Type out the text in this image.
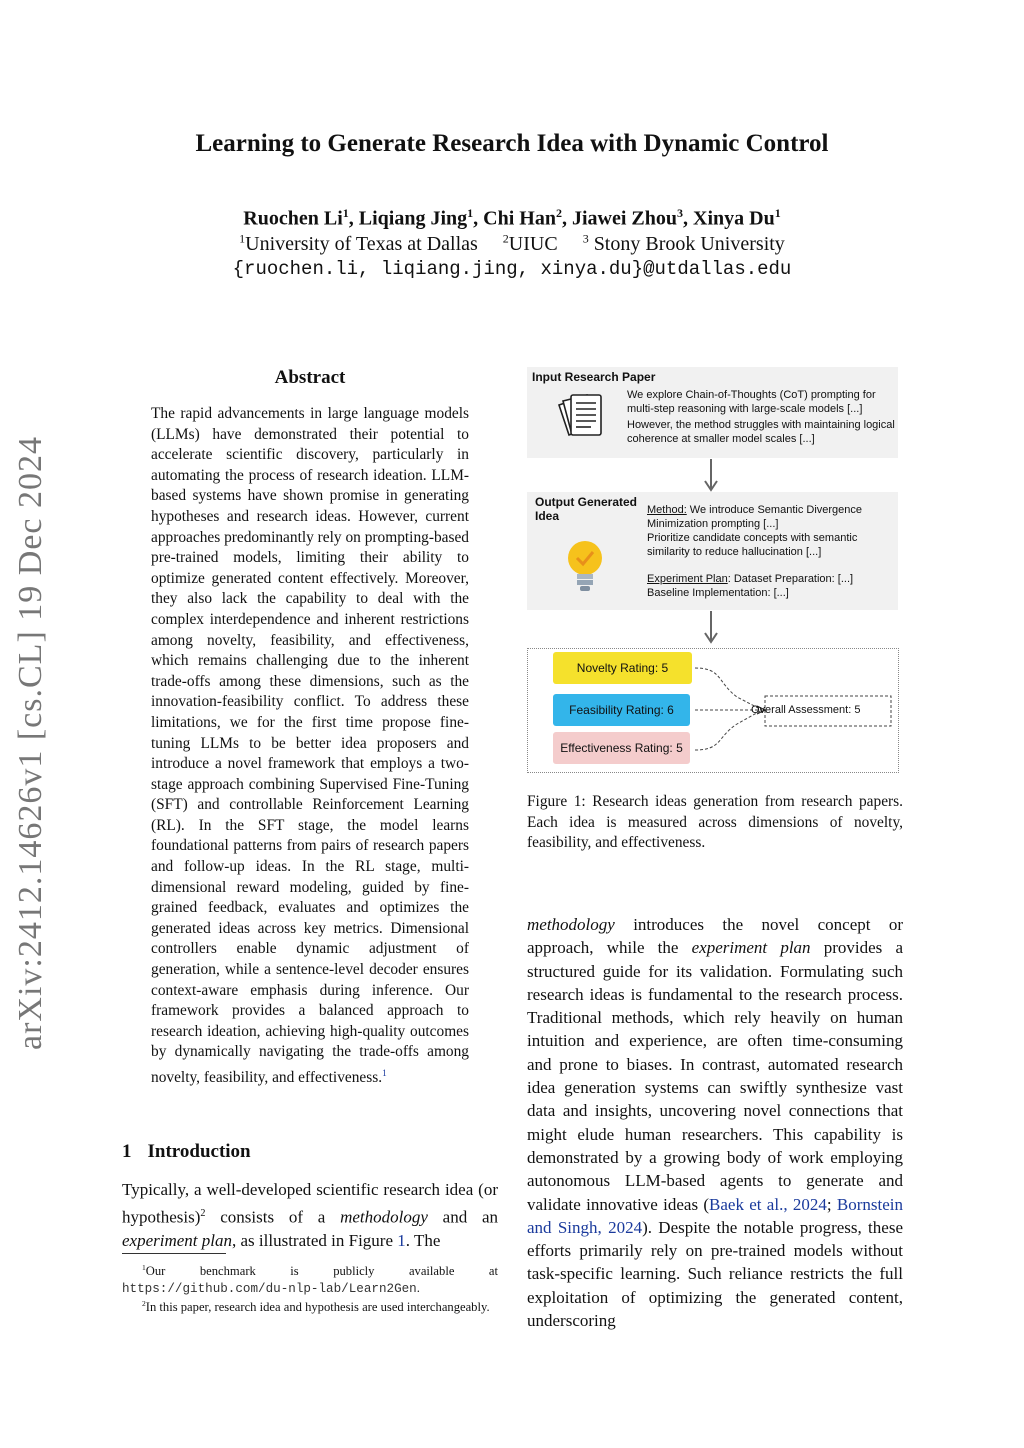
Learning to Generate Research Idea with Dynamic Control
Ruochen Li$^1$, Liqiang Jing$^1$, Chi Han$^2$, Jiawei Zhou$^3$, Xinya Du$^1$
$^1$University of Texas at Dallas $^2$UIUC $^3$ Stony Brook University
{ruochen.li, liqiang.jing, xinya.du}@utdallas.edu
arXiv:2412.14626v1 [cs.CL] 19 Dec 2024
Abstract
The rapid advancements in large language models (LLMs) have demonstrated their potential to accelerate scientific discovery, particularly in automating the process of research ideation. LLM-based systems have shown promise in generating hypotheses and research ideas. However, current approaches predominantly rely on prompting-based pre-trained models, limiting their ability to optimize generated content effectively. Moreover, they also lack the capability to deal with the complex interdependence and inherent restrictions among novelty, feasibility, and effectiveness, which remains challenging due to the inherent trade-offs among these dimensions, such as the innovation-feasibility conflict. To address these limitations, we for the first time propose fine-tuning LLMs to be better idea proposers and introduce a novel framework that employs a two-stage approach combining Supervised Fine-Tuning (SFT) and controllable Reinforcement Learning (RL). In the SFT stage, the model learns foundational patterns from pairs of research papers and follow-up ideas. In the RL stage, multi-dimensional reward modeling, guided by fine-grained feedback, evaluates and optimizes the generated ideas across key metrics. Dimensional controllers enable dynamic adjustment of generation, while a sentence-level decoder ensures context-aware emphasis during inference. Our framework provides a balanced approach to research ideation, achieving high-quality outcomes by dynamically navigating the trade-offs among novelty, feasibility, and effectiveness.$^1$
1 Introduction
Typically, a well-developed scientific research idea (or hypothesis)$^2$ consists of a methodology and an experiment plan, as illustrated in Figure 1. The
$^1$Our benchmark is publicly available at https://github.com/du-nlp-lab/Learn2Gen.
$^2$In this paper, research idea and hypothesis are used interchangeably.
Input Research Paper
We explore Chain-of-Thoughts (CoT) prompting for multi-step reasoning with large-scale models [...]
However, the method struggles with maintaining logical coherence at smaller model scales [...]
Output Generated
Idea	Method: We introduce Semantic Divergence Minimization prompting [...]
Prioritize candidate concepts with semantic similarity to reduce hallucination [...]
Experiment Plan: Dataset Preparation: [...]
Baseline Implementation: [...]
Novelty Rating: 5
Feasibility Rating: 6
Effectiveness Rating: 5
Overall Assessment: 5
Figure 1: Research ideas generation from research papers. Each idea is measured across dimensions of novelty, feasibility, and effectiveness.
methodology introduces the novel concept or approach, while the experiment plan provides a structured guide for its validation. Formulating such research ideas is fundamental to the research process. Traditional methods, which rely heavily on human intuition and experience, are often time-consuming and prone to biases. In contrast, automated research idea generation systems can swiftly synthesize vast data and insights, uncovering novel connections that might elude human researchers. This capability is demonstrated by a growing body of work employing autonomous LLM-based agents to generate and validate innovative ideas (Baek et al., 2024; Bornstein and Singh, 2024). Despite the notable progress, these efforts primarily rely on pre-trained models without task-specific learning. Such reliance restricts the full exploitation of optimizing the generated content, underscoring
